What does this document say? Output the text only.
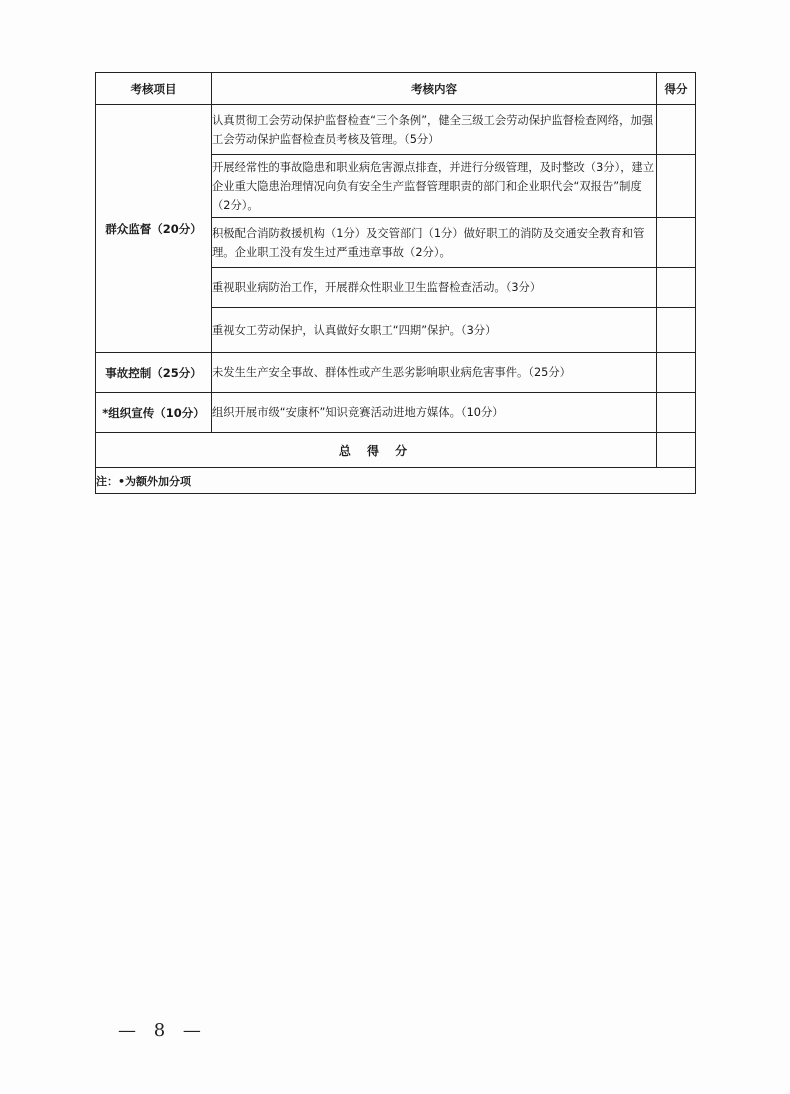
考核项目	考核内容	得分
群众监督（20分）	认真贯彻工会劳动保护监督检查“三个条例”，健全三级工会劳动保护监督检查网络，加强工会劳动保护监督检查员考核及管理。（5分）	
	开展经常性的事故隐患和职业病危害源点排查，并进行分级管理，及时整改（3分），建立企业重大隐患治理情况向负有安全生产监督管理职责的部门和企业职代会“双报告”制度（2分）。	
	积极配合消防救援机构（1分）及交管部门（1分）做好职工的消防及交通安全教育和管理。企业职工没有发生过严重违章事故（2分）。	
	重视职业病防治工作，开展群众性职业卫生监督检查活动。（3分）	
	重视女工劳动保护，认真做好女职工“四期”保护。（3分）	
事故控制（25分）	未发生生产安全事故、群体性或产生恶劣影响职业病危害事件。（25分）	
*组织宣传（10分）	组织开展市级“安康杯”知识竞赛活动进地方媒体。（10分）	
总 得 分		
注：•为额外加分项		
— 8 —
